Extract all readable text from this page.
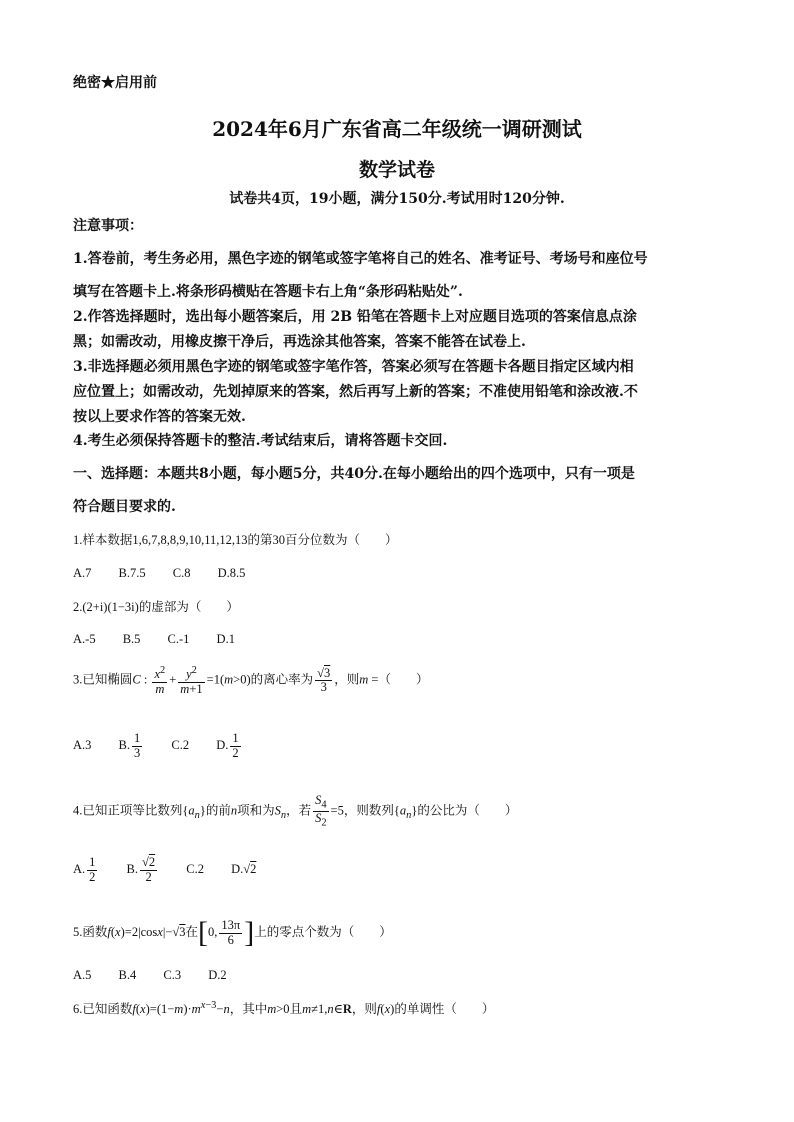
绝密★启用前
2024年6月广东省高二年级统一调研测试
数学试卷
试卷共4页，19小题，满分150分.考试用时120分钟.
注意事项：
1.答卷前，考生务必用，黑色字迹的钢笔或签字笔将自己的姓名、准考证号、考场号和座位号
填写在答题卡上.将条形码横贴在答题卡右上角“条形码粘贴处”.
2.作答选择题时，选出每小题答案后，用 2B 铅笔在答题卡上对应题目选项的答案信息点涂
黑；如需改动，用橡皮擦干净后，再选涂其他答案，答案不能答在试卷上.
3.非选择题必须用黑色字迹的钢笔或签字笔作答，答案必须写在答题卡各题目指定区域内相
应位置上；如需改动，先划掉原来的答案，然后再写上新的答案；不准使用铅笔和涂改液.不
按以上要求作答的答案无效.
4.考生必须保持答题卡的整洁.考试结束后，请将答题卡交回.
一、选择题：本题共8小题，每小题5分，共40分.在每小题给出的四个选项中，只有一项是
符合题目要求的.
1.样本数据1,6,7,8,8,9,10,11,12,13的第30百分位数为（　　）
A.7 B.7.5 C.8 D.8.5
2.(2+i)(1−3i)的虚部为（　　）
A.-5 B.5 C.-1 D.1
3.已知椭圆C : $\frac{x^2}{m} + \frac{y^2}{m+1} =1(m>0)$的离心率为 $\frac{√3}{3}$ ，则m =（　　）
A.3 B. $\frac{1}{3} C.2$ D. $\frac{1}{2}$
4.已知正项等比数列$\{a_n\}$的前n项和为$S_n$，若 $\frac{S_4}{S_2} =5$，则数列$\{a_n\}$的公比为（　　）
A. $\frac{1}{2} B$. $\frac{√2}{2} C.2$ D.√2
5.函数f(x)=2|cosx|−√3在[0, $\frac{13\pi}{6}$ ]上的零点个数为（　　）
A.5 B.4 C.3 D.2
6.已知函数$f(x)=(1-m)\cdot m^{x-3}-n$，其中m>0且m≠1,n∈R，则f(x)的单调性（　　）
